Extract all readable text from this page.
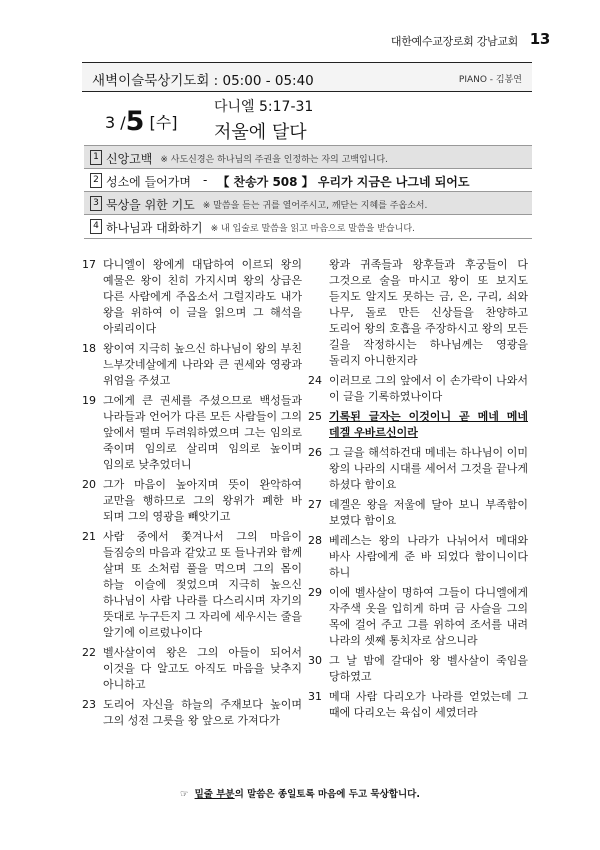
대한예수교장로회 강남교회 13
새벽이슬묵상기도회 : 05:00 - 05:40	PIANO - 김봉연
3 /5 [수]
다니엘 5:17-31
저울에 달다
1 신앙고백 ※ 사도신경은 하나님의 주권을 인정하는 자의 고백입니다.
2 성소에 들어가며 - 【 찬송가 508 】 우리가 지금은 나그네 되어도
3 묵상을 위한 기도 ※ 말씀을 듣는 귀를 열어주시고, 깨닫는 지혜를 주옵소서.
4 하나님과 대화하기 ※ 내 입술로 말씀을 읽고 마음으로 말씀을 받습니다.

17 다니엘이 왕에게 대답하여 이르되 왕의 예물은 왕이 친히 가지시며 왕의 상급은 다른 사람에게 주옵소서 그럴지라도 내가 왕을 위하여 이 글을 읽으며 그 해석을 아뢰리이다

18 왕이여 지극히 높으신 하나님이 왕의 부친 느부갓네살에게 나라와 큰 권세와 영광과 위엄을 주셨고

19 그에게 큰 권세를 주셨으므로 백성들과 나라들과 언어가 다른 모든 사람들이 그의 앞에서 떨며 두려워하였으며 그는 임의로 죽이며 임의로 살리며 임의로 높이며 임의로 낮추었더니

20 그가 마음이 높아지며 뜻이 완악하여 교만을 행하므로 그의 왕위가 폐한 바 되며 그의 영광을 빼앗기고

21 사람 중에서 쫓겨나서 그의 마음이 들짐승의 마음과 같았고 또 들나귀와 함께 살며 또 소처럼 풀을 먹으며 그의 몸이 하늘 이슬에 젖었으며 지극히 높으신 하나님이 사람 나라를 다스리시며 자기의 뜻대로 누구든지 그 자리에 세우시는 줄을 알기에 이르렀나이다

22 벨사살이여 왕은 그의 아들이 되어서 이것을 다 알고도 아직도 마음을 낮추지 아니하고

23 도리어 자신을 하늘의 주재보다 높이며 그의 성전 그릇을 왕 앞으로 가져다가

왕과 귀족들과 왕후들과 후궁들이 다 그것으로 술을 마시고 왕이 또 보지도 듣지도 알지도 못하는 금, 은, 구리, 쇠와 나무, 돌로 만든 신상들을 찬양하고 도리어 왕의 호흡을 주장하시고 왕의 모든 길을 작정하시는 하나님께는 영광을 돌리지 아니한지라

24 이러므로 그의 앞에서 이 손가락이 나와서 이 글을 기록하였나이다

25 기록된 글자는 이것이니 곧 메네 메네 데겔 우바르신이라

26 그 글을 해석하건대 메네는 하나님이 이미 왕의 나라의 시대를 세어서 그것을 끝나게 하셨다 함이요

27 데겔은 왕을 저울에 달아 보니 부족함이 보였다 함이요

28 베레스는 왕의 나라가 나뉘어서 메대와 바사 사람에게 준 바 되었다 함이니이다 하니

29 이에 벨사살이 명하여 그들이 다니엘에게 자주색 옷을 입히게 하며 금 사슬을 그의 목에 걸어 주고 그를 위하여 조서를 내려 나라의 셋째 통치자로 삼으니라

30 그 날 밤에 갈대아 왕 벨사살이 죽임을 당하였고

31 메대 사람 다리오가 나라를 얻었는데 그 때에 다리오는 육십이 세였더라

☞ 밑줄 부분의 말씀은 종일토록 마음에 두고 묵상합니다.
